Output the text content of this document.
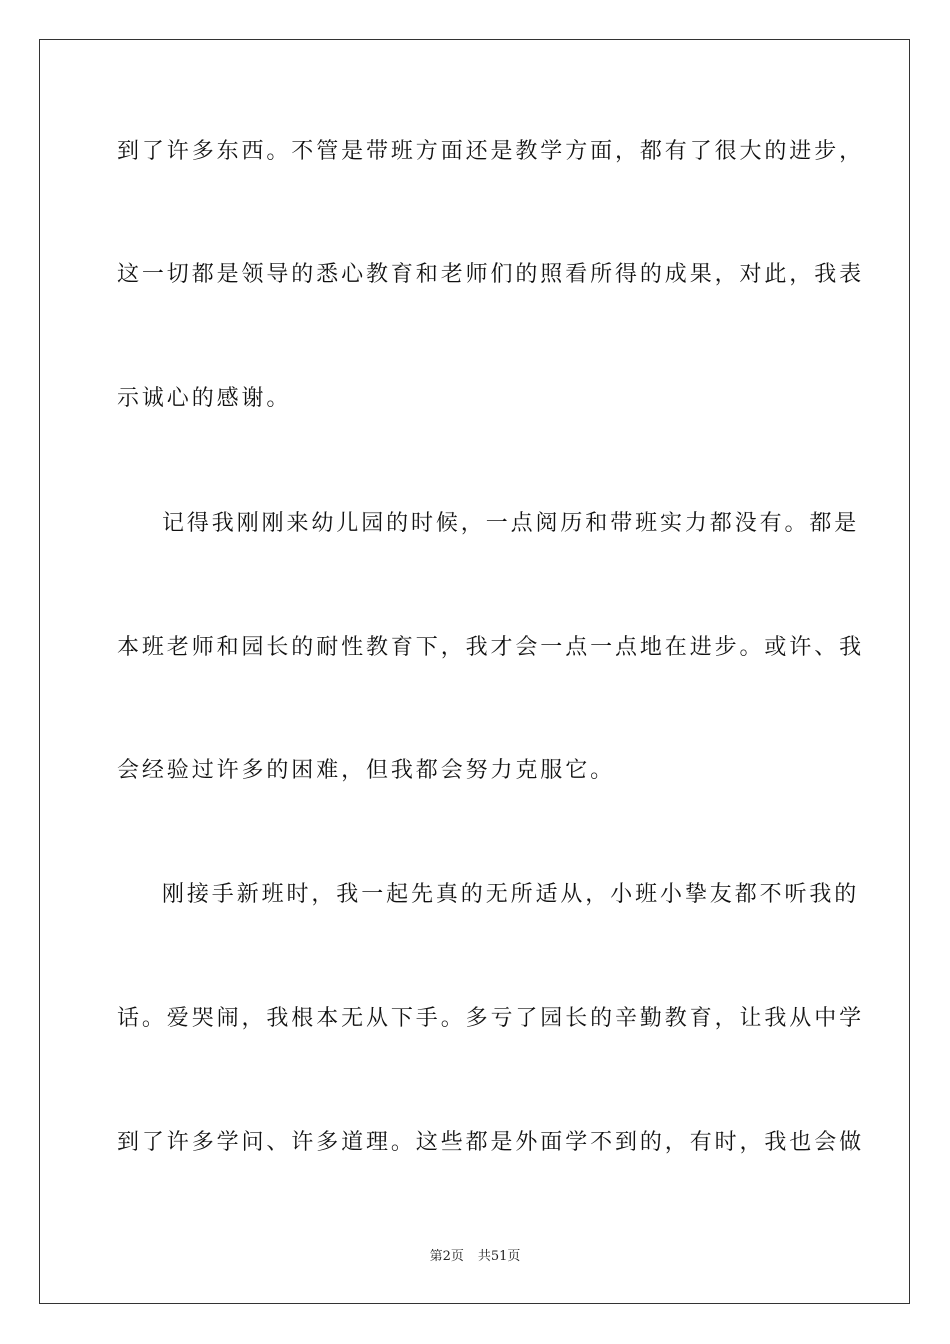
到了许多东西。不管是带班方面还是教学方面，都有了很大的进步，
这一切都是领导的悉心教育和老师们的照看所得的成果，对此，我表
示诚心的感谢。
记得我刚刚来幼儿园的时候，一点阅历和带班实力都没有。都是
本班老师和园长的耐性教育下，我才会一点一点地在进步。或许、我
会经验过许多的困难，但我都会努力克服它。
刚接手新班时，我一起先真的无所适从，小班小挚友都不听我的
话。爱哭闹，我根本无从下手。多亏了园长的辛勤教育，让我从中学
到了许多学问、许多道理。这些都是外面学不到的，有时，我也会做
第2页 共51页
